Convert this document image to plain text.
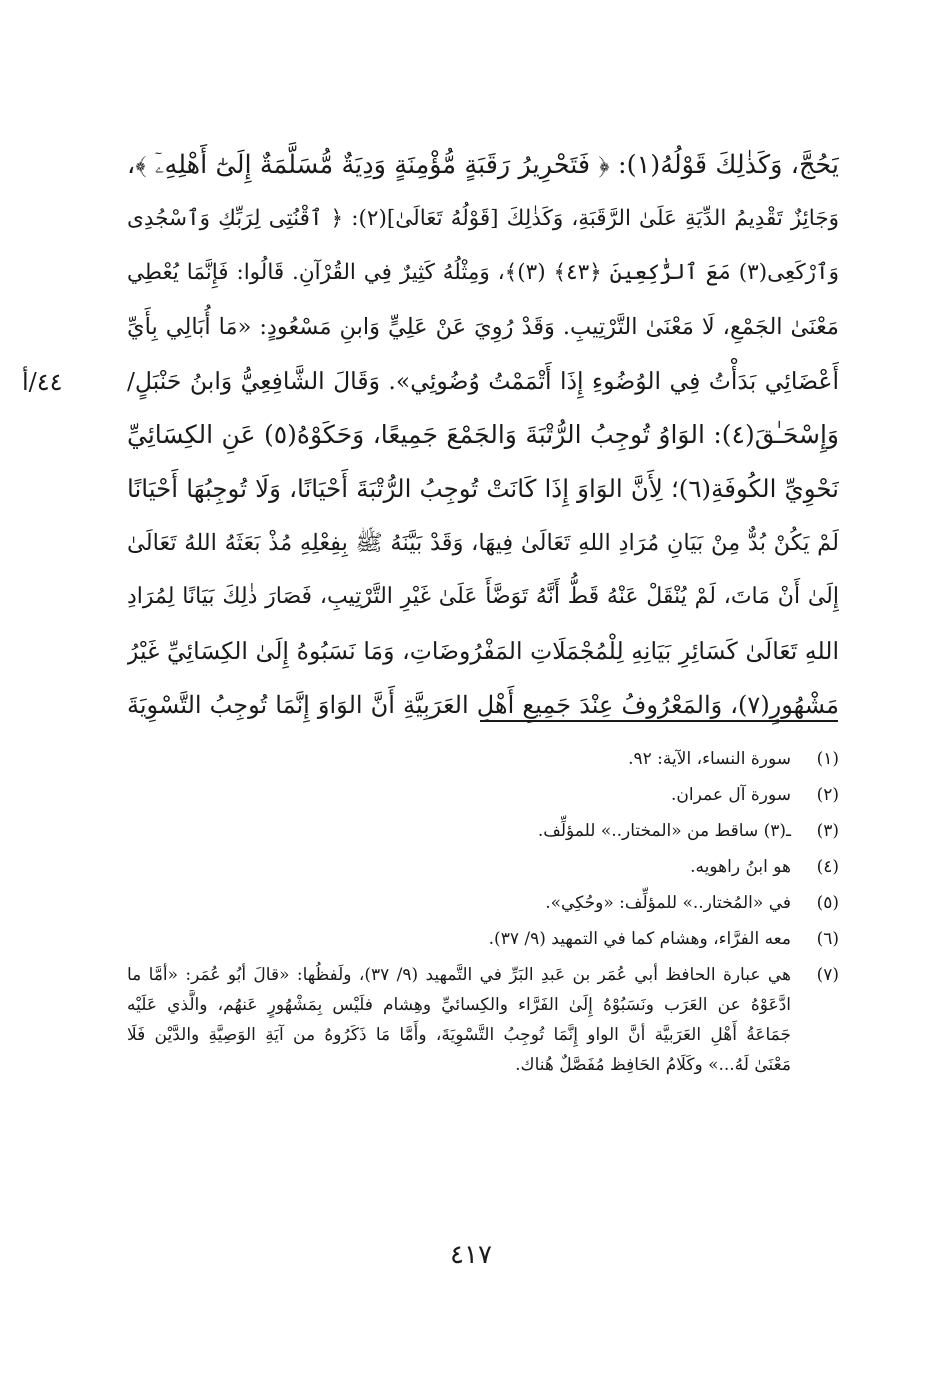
٤٤/أ
يَحُجَّ، وَكَذٰلِكَ قَوْلُهُ(١): ﴿ فَتَحْرِيرُ رَقَبَةٍ مُّؤْمِنَةٍ وَدِيَةٌ مُّسَلَّمَةٌ إِلَىٰٓ أَهْلِهِۦٓ ﴾،
وَجَائِزٌ تَقْدِيمُ الدِّيَةِ عَلَىٰ الرَّقَبَةِ، وَكَذٰلِكَ [قَوْلُهُ تَعَالَىٰ](٢): ﴿ ٱقْنُتِى لِرَبِّكِ وَٱسْجُدِى
وَٱرْكَعِى(٣) مَعَ ٱلرَّٰكِعِينَ ﴿٤٣﴾ (٣)﴾، وَمِثْلُهُ كَثِيرٌ فِي القُرْآنِ. قَالُوا: فَإِنَّمَا يُعْطِي
مَعْنَىٰ الجَمْعِ، لَا مَعْنَىٰ التَّرْتِيبِ. وَقَدْ رُوِيَ عَنْ عَلِيٍّ وَابنِ مَسْعُودٍ: «مَا أُبَالِي بِأَيِّ
أَعْضَائِي بَدَأْتُ فِي الوُضُوءِ إِذَا أَتْمَمْتُ وُضُوئِي». وَقَالَ الشَّافِعِيُّ وَابنُ حَنْبَلٍ/
وَإِسْحَـٰقَ(٤): الوَاوُ تُوجِبُ الرُّتْبَةَ وَالجَمْعَ جَمِيعًا، وَحَكَوْهُ(٥) عَنِ الكِسَائِيِّ
نَحْوِيِّ الكُوفَةِ(٦)؛ لِأَنَّ الوَاوَ إِذَا كَانَتْ تُوجِبُ الرُّتْبَةَ أَحْيَانًا، وَلَا تُوجِبُهَا أَحْيَانًا
لَمْ يَكُنْ بُدٌّ مِنْ بَيَانِ مُرَادِ اللهِ تَعَالَىٰ فِيهَا، وَقَدْ بَيَّنَهُ ﷺ بِفِعْلِهِ مُذْ بَعَثَهُ اللهُ تَعَالَىٰ
إِلَىٰ أَنْ مَاتَ، لَمْ يُنْقَلْ عَنْهُ قَطُّ أَنَّهُ تَوَضَّأَ عَلَىٰ غَيْرِ التَّرْتِيبِ، فَصَارَ ذٰلِكَ بَيَانًا لِمُرَادِ
اللهِ تَعَالَىٰ كَسَائِرِ بَيَانِهِ لِلْمُجْمَلَاتِ المَفْرُوضَاتِ، وَمَا نَسَبُوهُ إِلَىٰ الكِسَائِيِّ غَيْرُ
مَشْهُورٍ(٧)، وَالمَعْرُوفُ عِنْدَ جَمِيعِ أَهْلِ العَرَبِيَّةِ أَنَّ الوَاوَ إِنَّمَا تُوجِبُ التَّسْوِيَةَ
(١)
سورة النساء، الآية: ٩٢.
(٢)
سورة آل عمران.
(٣)
ـ(٣) ساقط من «المختار..» للمؤلِّف.
(٤)
هو ابنُ راهويه.
(٥)
في «المُختار..» للمؤلِّف: «وحُكِي».
(٦)
معه الفرَّاء، وهشام كما في التمهيد (٩/ ٣٧).
(٧)
هي عبارة الحافظ أبي عُمَر بن عَبدِ البَرِّ في التَّمهيد (٩/ ٣٧)، ولَفظُها: «قالَ أبُو عُمَر: «أمَّا ما
ادَّعَوْهُ عن العَرَب ونَسَبُوْهُ إِلَىٰ الفَرَّاء والكِسائيِّ وهِشام فلَيْس بِمَشْهُورٍ عَنهُم، والَّذي عَلَيْه
جَمَاعَةُ أَهْلِ العَرَبيَّة أنَّ الواو إِنَّمَا تُوجِبُ التَّسْوِيَةَ، وأَمَّا مَا ذَكَرُوهُ من آيَةِ الوَصِيَّةِ والدَّيْن فَلَا
مَعْنَىٰ لَهُ...» وكَلَامُ الحَافِظ مُفَصَّلٌ هُناك.
٤١٧
